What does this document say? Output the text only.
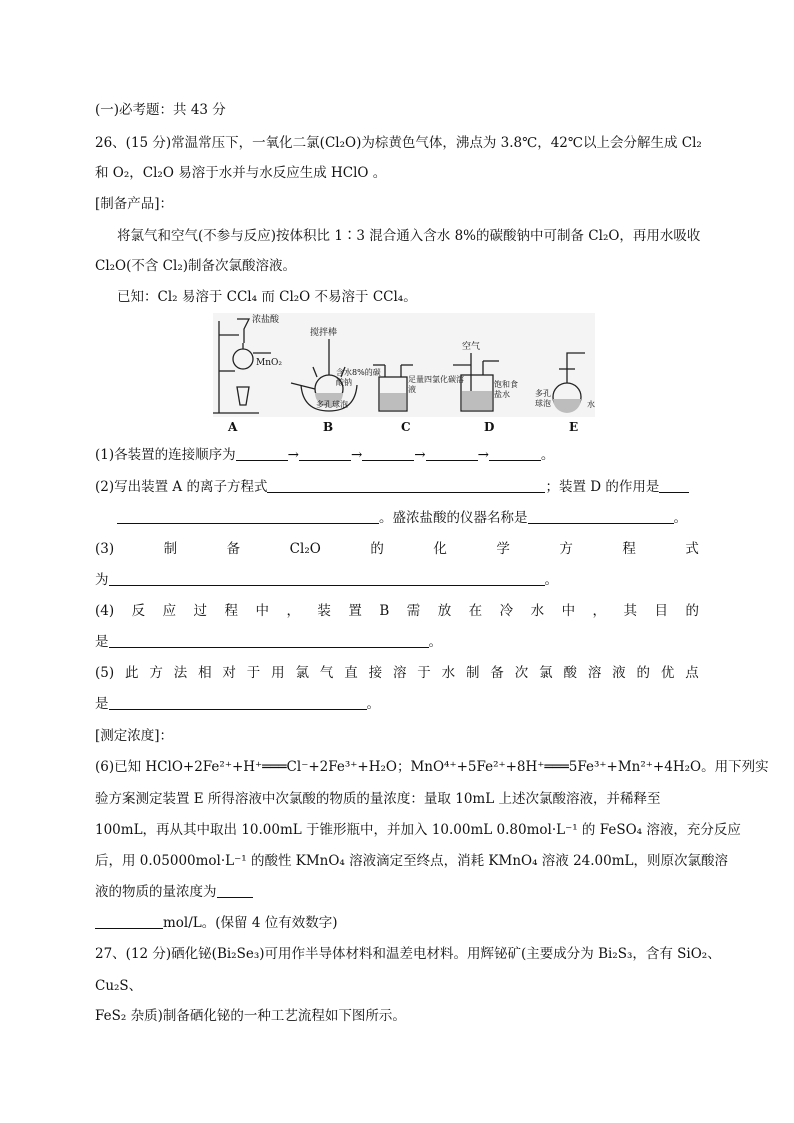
(一)必考题：共 43 分
26、(15 分)常温常压下，一氧化二氯(Cl₂O)为棕黄色气体，沸点为 3.8℃，42℃以上会分解生成 Cl₂
和 O₂，Cl₂O 易溶于水并与水反应生成 HClO 。
[制备产品]：
将氯气和空气(不参与反应)按体积比 1∶3 混合通入含水 8%的碳酸钠中可制备 Cl₂O，再用水吸收
Cl₂O(不含 Cl₂)制备次氯酸溶液。
已知：Cl₂ 易溶于 CCl₄ 而 Cl₂O 不易溶于 CCl₄。
浓盐酸
MnO₂
搅拌棒
含水8%的碳酸钠
多孔球泡
足量四氯化碳溶液
空气
饱和食盐水	多孔球泡	水
A	B	C	D	E
(1)各装置的连接顺序为	→	→	→	→	。
(2)写出装置 A 的离子方程式	；装置 D 的作用是
。盛浓盐酸的仪器名称是	。
(3)	制	备	Cl₂O	的	化	学	方	程	式
为	。
(4) 反 应 过 程 中 ， 装 置 B 需 放 在 冷 水 中 ， 其 目 的
是	。
(5) 此 方 法 相 对 于 用 氯 气 直 接 溶 于 水 制 备 次 氯 酸 溶 液 的 优 点
是	。
[测定浓度]：
(6)已知 HClO+2Fe²⁺+H⁺═══Cl⁻+2Fe³⁺+H₂O；MnO⁴⁺+5Fe²⁺+8H⁺═══5Fe³⁺+Mn²⁺+4H₂O。用下列实
验方案测定装置 E 所得溶液中次氯酸的物质的量浓度：量取 10mL 上述次氯酸溶液，并稀释至
100mL，再从其中取出 10.00mL 于锥形瓶中，并加入 10.00mL 0.80mol·L⁻¹ 的 FeSO₄ 溶液，充分反应
后，用 0.05000mol·L⁻¹ 的酸性 KMnO₄ 溶液滴定至终点，消耗 KMnO₄ 溶液 24.00mL，则原次氯酸溶
液的物质的量浓度为
mol/L。(保留 4 位有效数字)
27、(12 分)硒化铋(Bi₂Se₃)可用作半导体材料和温差电材料。用辉铋矿(主要成分为 Bi₂S₃，含有 SiO₂、
Cu₂S、
FeS₂ 杂质)制备硒化铋的一种工艺流程如下图所示。
